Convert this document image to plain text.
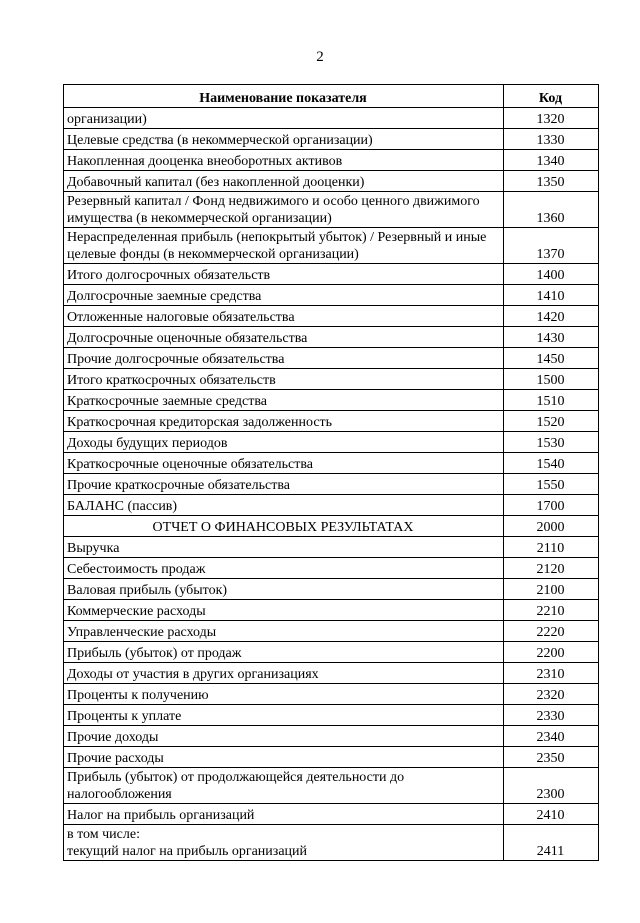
2
Наименование показателя	Код
организации)	1320
Целевые средства (в некоммерческой организации)	1330
Накопленная дооценка внеоборотных активов	1340
Добавочный капитал (без накопленной дооценки)	1350
Резервный капитал / Фонд недвижимого и особо ценного движимого имущества (в некоммерческой организации)	1360
Нераспределенная прибыль (непокрытый убыток) / Резервный и иные целевые фонды (в некоммерческой организации)	1370
Итого долгосрочных обязательств	1400
Долгосрочные заемные средства	1410
Отложенные налоговые обязательства	1420
Долгосрочные оценочные обязательства	1430
Прочие долгосрочные обязательства	1450
Итого краткосрочных обязательств	1500
Краткосрочные заемные средства	1510
Краткосрочная кредиторская задолженность	1520
Доходы будущих периодов	1530
Краткосрочные оценочные обязательства	1540
Прочие краткосрочные обязательства	1550
БАЛАНС (пассив)	1700
ОТЧЕТ О ФИНАНСОВЫХ РЕЗУЛЬТАТАХ	2000
Выручка	2110
Себестоимость продаж	2120
Валовая прибыль (убыток)	2100
Коммерческие расходы	2210
Управленческие расходы	2220
Прибыль (убыток) от продаж	2200
Доходы от участия в других организациях	2310
Проценты к получению	2320
Проценты к уплате	2330
Прочие доходы	2340
Прочие расходы	2350
Прибыль (убыток) от продолжающейся деятельности до налогообложения	2300
Налог на прибыль организаций	2410
в том числе:
текущий налог на прибыль организаций	2411
